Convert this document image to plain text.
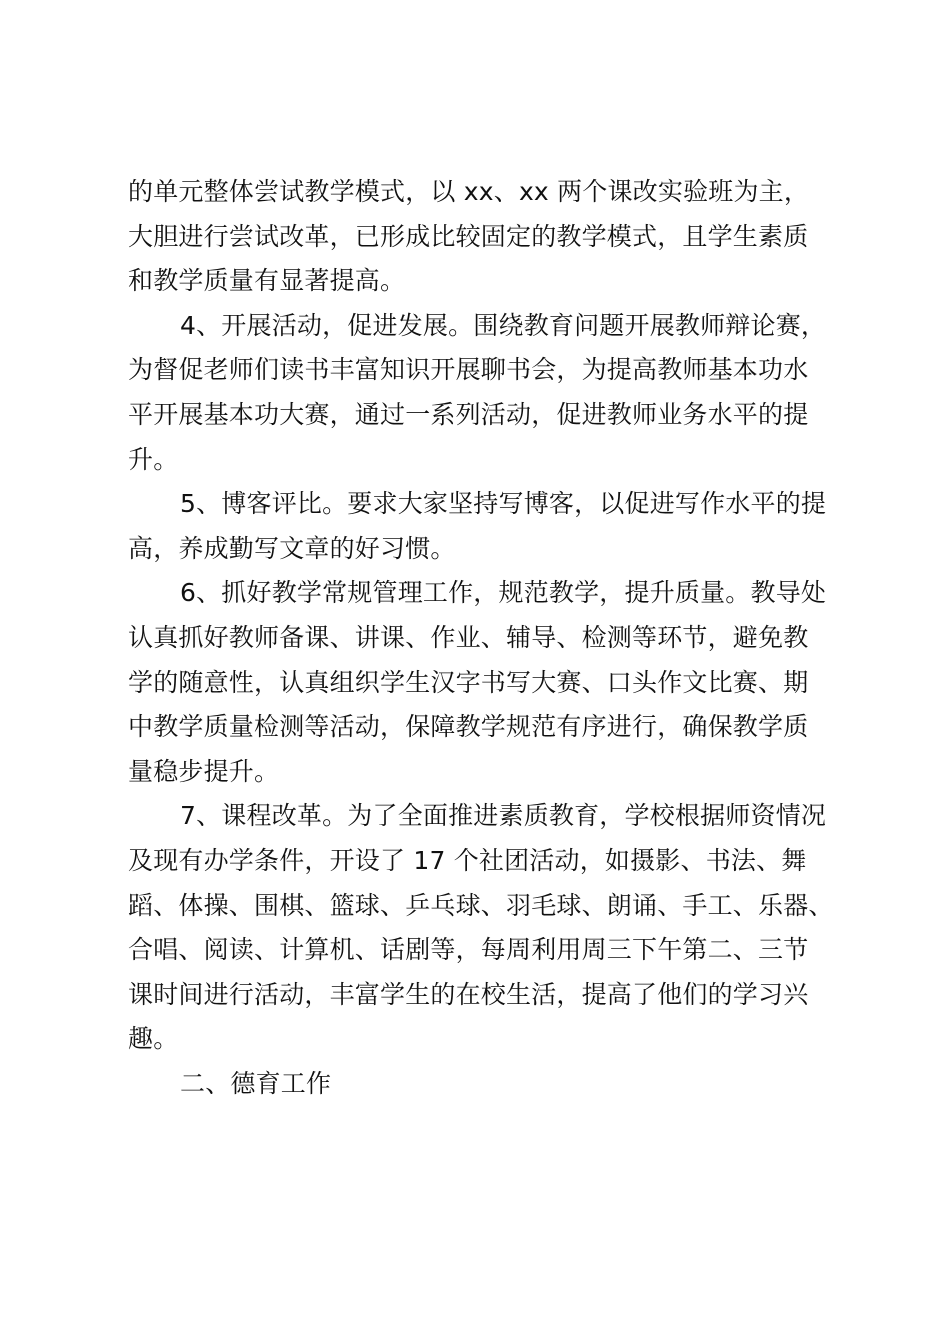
的单元整体尝试教学模式，以 xx、xx 两个课改实验班为主，
大胆进行尝试改革，已形成比较固定的教学模式，且学生素质
和教学质量有显著提高。
4、开展活动，促进发展。围绕教育问题开展教师辩论赛，
为督促老师们读书丰富知识开展聊书会，为提高教师基本功水
平开展基本功大赛，通过一系列活动，促进教师业务水平的提
升。
5、博客评比。要求大家坚持写博客，以促进写作水平的提
高，养成勤写文章的好习惯。
6、抓好教学常规管理工作，规范教学，提升质量。教导处
认真抓好教师备课、讲课、作业、辅导、检测等环节，避免教
学的随意性，认真组织学生汉字书写大赛、口头作文比赛、期
中教学质量检测等活动，保障教学规范有序进行，确保教学质
量稳步提升。
7、课程改革。为了全面推进素质教育，学校根据师资情况
及现有办学条件，开设了 17 个社团活动，如摄影、书法、舞
蹈、体操、围棋、篮球、乒乓球、羽毛球、朗诵、手工、乐器、
合唱、阅读、计算机、话剧等，每周利用周三下午第二、三节
课时间进行活动，丰富学生的在校生活，提高了他们的学习兴
趣。
二、德育工作
